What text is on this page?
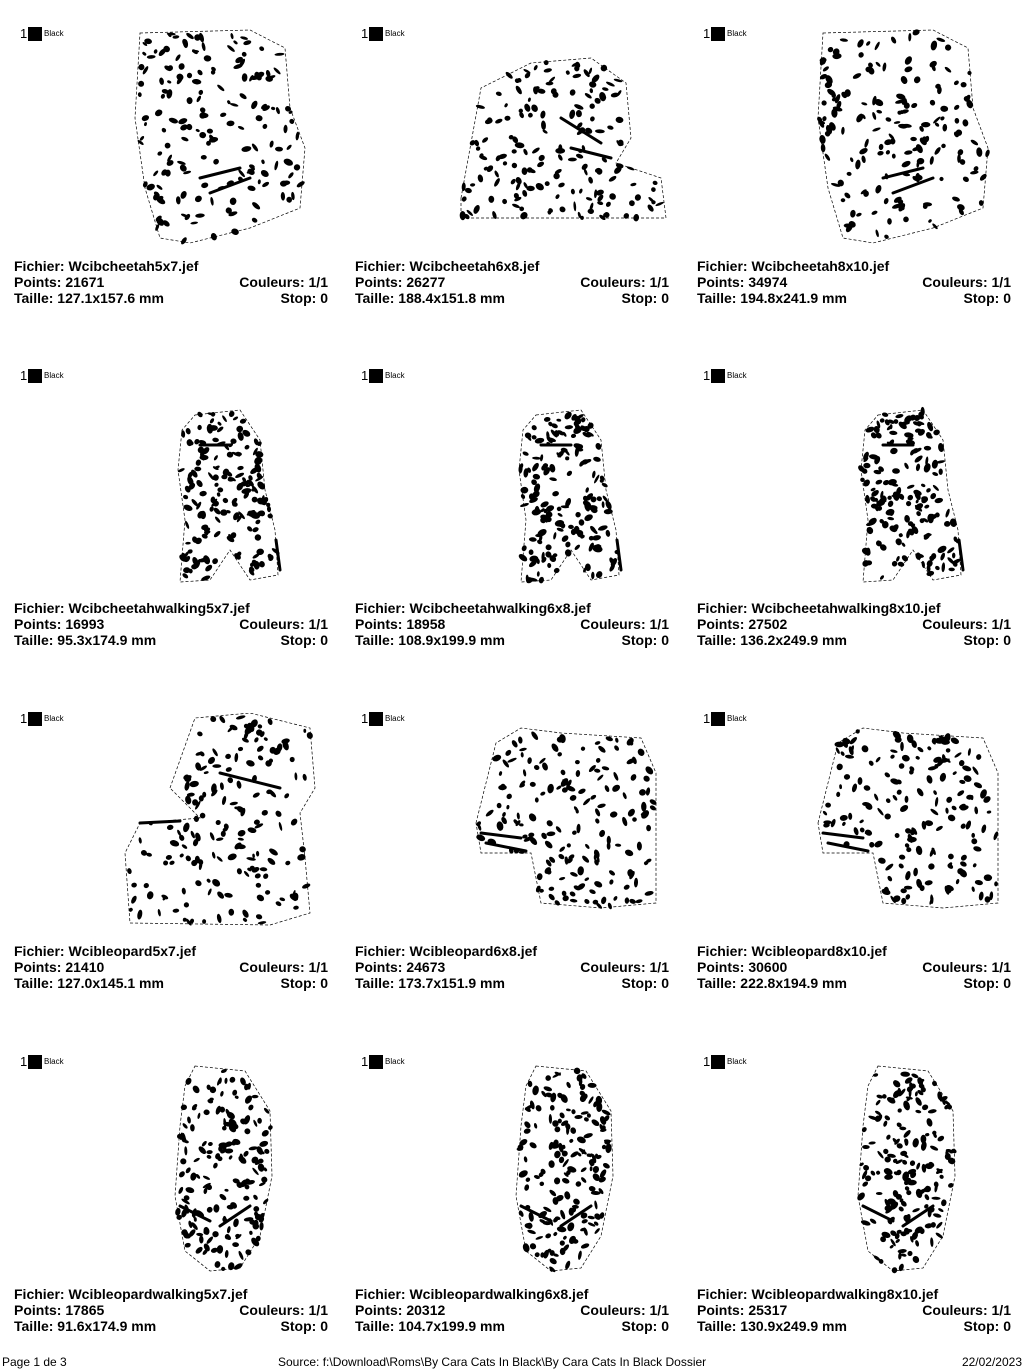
1 Black
Fichier: Wcibcheetah5x7.jef
Points: 21671	Couleurs: 1/1
Taille: 127.1x157.6 mm	Stop: 0
1 Black
Fichier: Wcibcheetah6x8.jef
Points: 26277	Couleurs: 1/1
Taille: 188.4x151.8 mm	Stop: 0
1 Black
Fichier: Wcibcheetah8x10.jef
Points: 34974	Couleurs: 1/1
Taille: 194.8x241.9 mm	Stop: 0
1 Black
Fichier: Wcibcheetahwalking5x7.jef
Points: 16993	Couleurs: 1/1
Taille: 95.3x174.9 mm	Stop: 0
1 Black
Fichier: Wcibcheetahwalking6x8.jef
Points: 18958	Couleurs: 1/1
Taille: 108.9x199.9 mm	Stop: 0
1 Black
Fichier: Wcibcheetahwalking8x10.jef
Points: 27502	Couleurs: 1/1
Taille: 136.2x249.9 mm	Stop: 0
1 Black
Fichier: Wcibleopard5x7.jef
Points: 21410	Couleurs: 1/1
Taille: 127.0x145.1 mm	Stop: 0
1 Black
Fichier: Wcibleopard6x8.jef
Points: 24673	Couleurs: 1/1
Taille: 173.7x151.9 mm	Stop: 0
1 Black
Fichier: Wcibleopard8x10.jef
Points: 30600	Couleurs: 1/1
Taille: 222.8x194.9 mm	Stop: 0
1 Black
Fichier: Wcibleopardwalking5x7.jef
Points: 17865	Couleurs: 1/1
Taille: 91.6x174.9 mm	Stop: 0
1 Black
Fichier: Wcibleopardwalking6x8.jef
Points: 20312	Couleurs: 1/1
Taille: 104.7x199.9 mm	Stop: 0
1 Black
Fichier: Wcibleopardwalking8x10.jef
Points: 25317	Couleurs: 1/1
Taille: 130.9x249.9 mm	Stop: 0
Page 1 de 3	Source: f:\Download\Roms\By Cara Cats In Black\By Cara Cats In Black Dossier	22/02/2023
